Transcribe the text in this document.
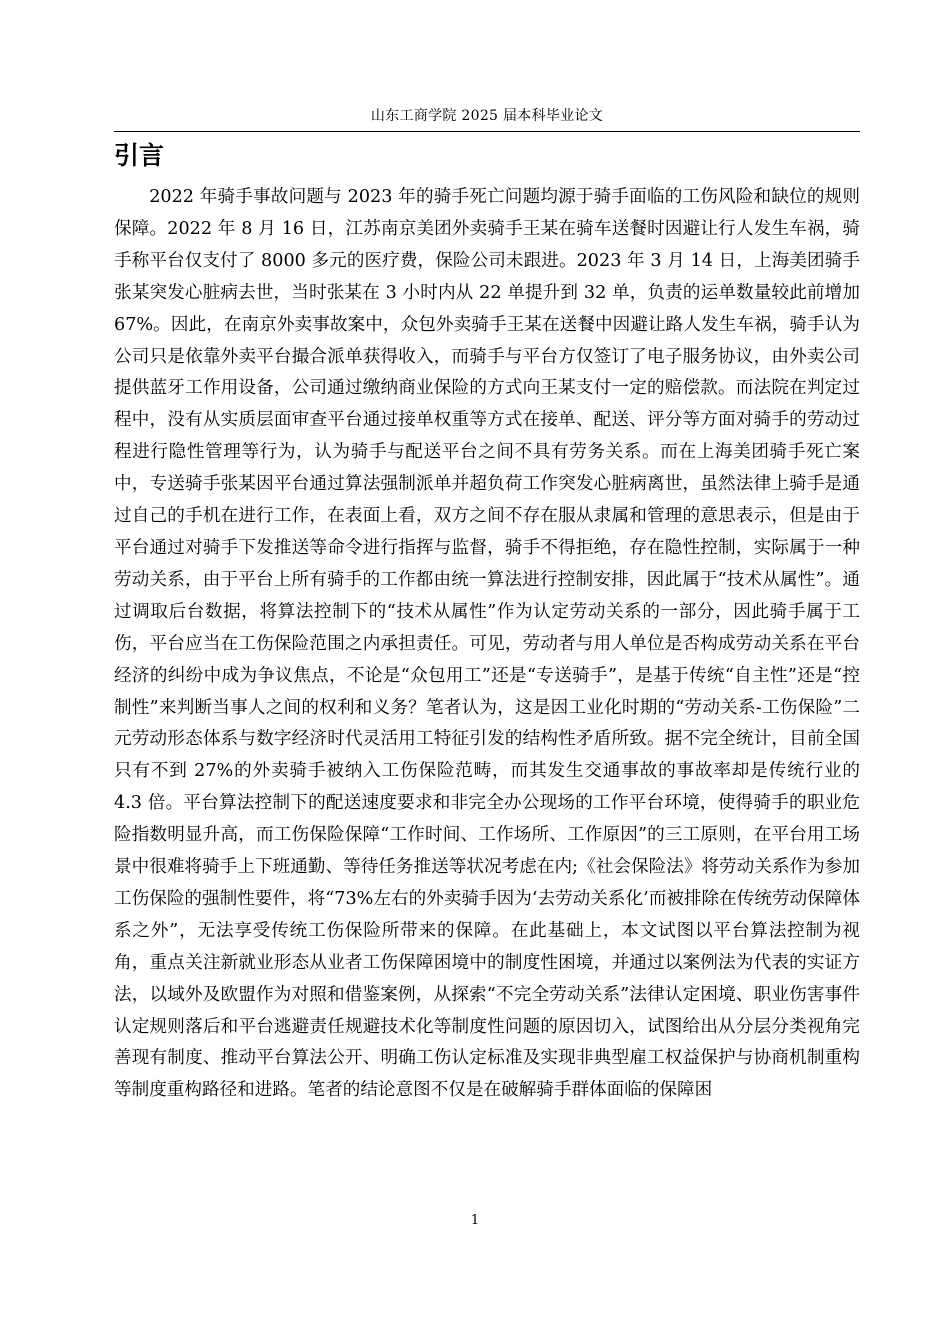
山东工商学院 2025 届本科毕业论文
引言

2022 年骑手事故问题与 2023 年的骑手死亡问题均源于骑手面临的工伤风险和缺位的规则保障。2022 年 8 月 16 日，江苏南京美团外卖骑手王某在骑车送餐时因避让行人发生车祸，骑手称平台仅支付了 8000 多元的医疗费，保险公司未跟进。2023 年 3 月 14 日，上海美团骑手张某突发心脏病去世，当时张某在 3 小时内从 22 单提升到 32 单，负责的运单数量较此前增加 67%。因此，在南京外卖事故案中，众包外卖骑手王某在送餐中因避让路人发生车祸，骑手认为公司只是依靠外卖平台撮合派单获得收入，而骑手与平台方仅签订了电子服务协议，由外卖公司提供蓝牙工作用设备，公司通过缴纳商业保险的方式向王某支付一定的赔偿款。而法院在判定过程中，没有从实质层面审查平台通过接单权重等方式在接单、配送、评分等方面对骑手的劳动过程进行隐性管理等行为，认为骑手与配送平台之间不具有劳务关系。而在上海美团骑手死亡案中，专送骑手张某因平台通过算法强制派单并超负荷工作突发心脏病离世，虽然法律上骑手是通过自己的手机在进行工作，在表面上看，双方之间不存在服从隶属和管理的意思表示，但是由于平台通过对骑手下发推送等命令进行指挥与监督，骑手不得拒绝，存在隐性控制，实际属于一种劳动关系，由于平台上所有骑手的工作都由统一算法进行控制安排，因此属于“技术从属性”。通过调取后台数据，将算法控制下的“技术从属性”作为认定劳动关系的一部分，因此骑手属于工伤，平台应当在工伤保险范围之内承担责任。可见，劳动者与用人单位是否构成劳动关系在平台经济的纠纷中成为争议焦点，不论是“众包用工”还是“专送骑手”，是基于传统“自主性”还是“控制性”来判断当事人之间的权利和义务？笔者认为，这是因工业化时期的“劳动关系-工伤保险”二元劳动形态体系与数字经济时代灵活用工特征引发的结构性矛盾所致。据不完全统计，目前全国只有不到 27%的外卖骑手被纳入工伤保险范畴，而其发生交通事故的事故率却是传统行业的 4.3 倍。平台算法控制下的配送速度要求和非完全办公现场的工作平台环境，使得骑手的职业危险指数明显升高，而工伤保险保障“工作时间、工作场所、工作原因”的三工原则，在平台用工场景中很难将骑手上下班通勤、等待任务推送等状况考虑在内;《社会保险法》将劳动关系作为参加工伤保险的强制性要件，将“73%左右的外卖骑手因为‘去劳动关系化’而被排除在传统劳动保障体系之外”，无法享受传统工伤保险所带来的保障。在此基础上，本文试图以平台算法控制为视角，重点关注新就业形态从业者工伤保障困境中的制度性困境，并通过以案例法为代表的实证方法，以域外及欧盟作为对照和借鉴案例，从探索“不完全劳动关系”法律认定困境、职业伤害事件认定规则落后和平台逃避责任规避技术化等制度性问题的原因切入，试图给出从分层分类视角完善现有制度、推动平台算法公开、明确工伤认定标准及实现非典型雇工权益保护与协商机制重构等制度重构路径和进路。笔者的结论意图不仅是在破解骑手群体面临的保障困

1
